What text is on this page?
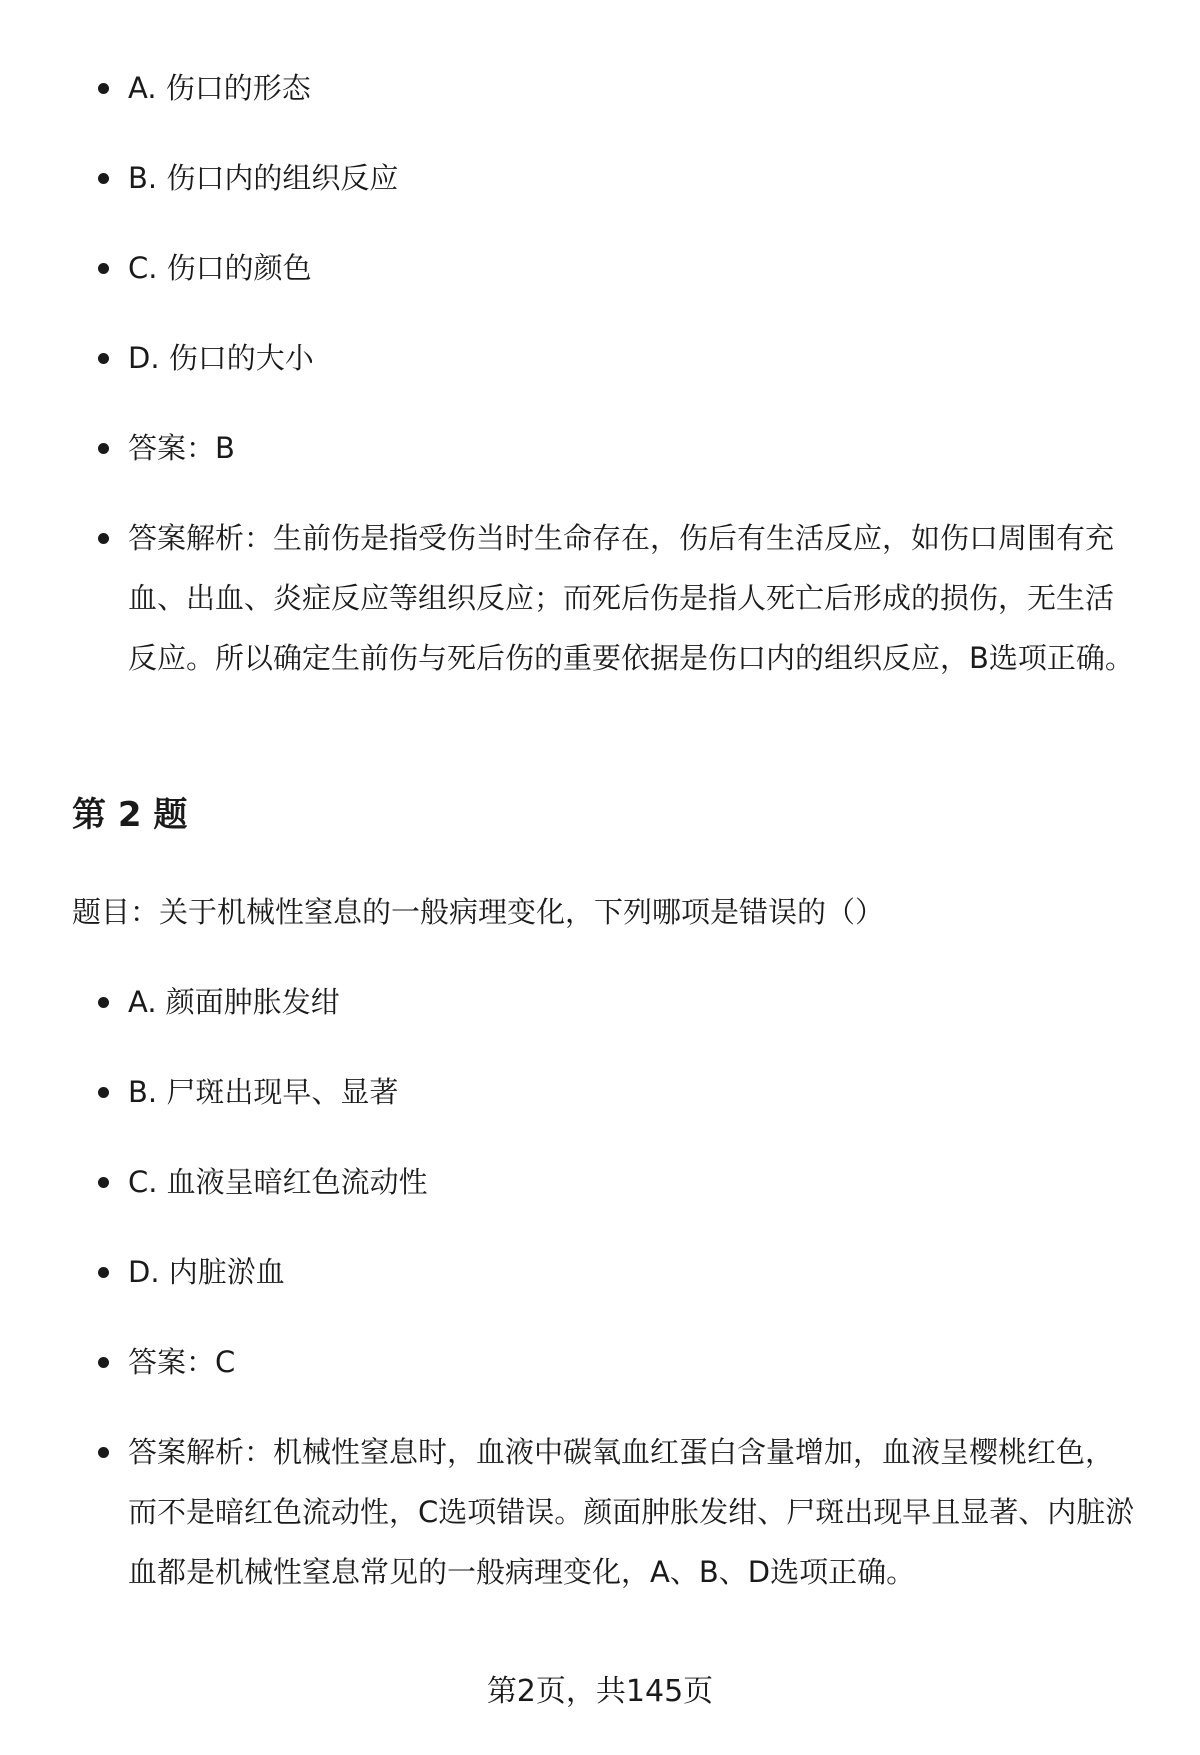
A. 伤口的形态
B. 伤口内的组织反应
C. 伤口的颜色
D. 伤口的大小
答案：B
答案解析：生前伤是指受伤当时生命存在，伤后有生活反应，如伤口周围有充血、出血、炎症反应等组织反应；而死后伤是指人死亡后形成的损伤，无生活反应。所以确定生前伤与死后伤的重要依据是伤口内的组织反应，B选项正确。
第 2 题

题目：关于机械性窒息的一般病理变化，下列哪项是错误的（）

A. 颜面肿胀发绀
B. 尸斑出现早、显著
C. 血液呈暗红色流动性
D. 内脏淤血
答案：C
答案解析：机械性窒息时，血液中碳氧血红蛋白含量增加，血液呈樱桃红色，而不是暗红色流动性，C选项错误。颜面肿胀发绀、尸斑出现早且显著、内脏淤血都是机械性窒息常见的一般病理变化，A、B、D选项正确。
第2页，共145页
